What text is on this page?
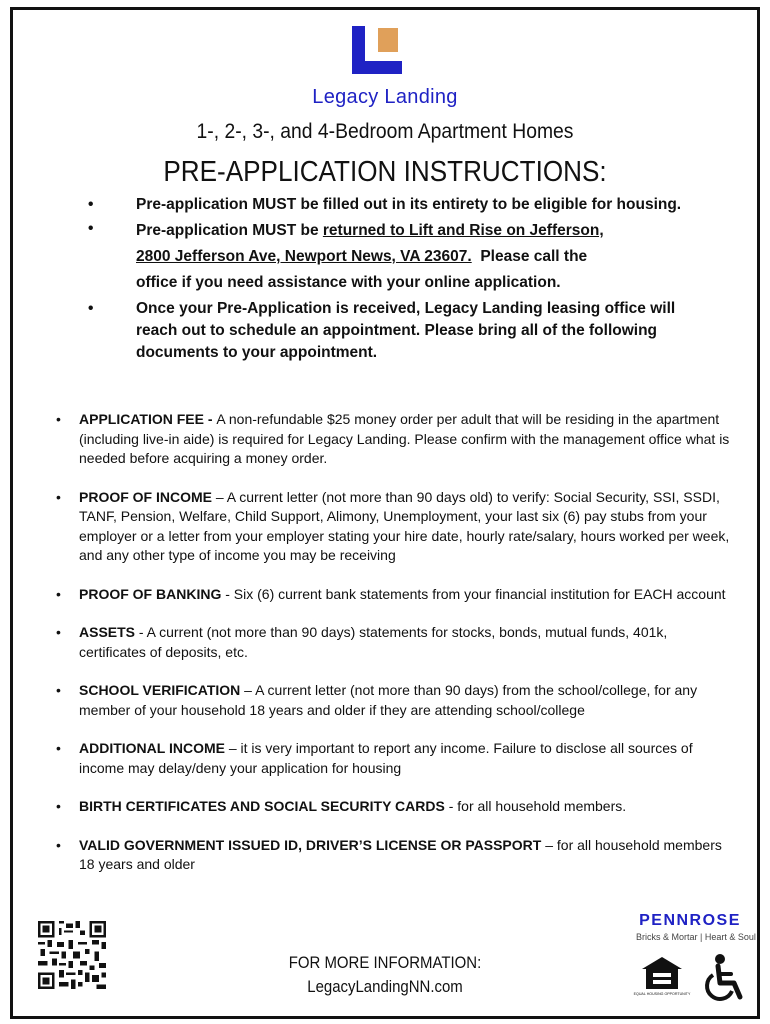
Legacy Landing
1-, 2-, 3-, and 4-Bedroom Apartment Homes
PRE-APPLICATION INSTRUCTIONS:
•	Pre-application MUST be filled out in its entirety to be eligible for housing.
•	Pre-application MUST be returned to Lift and Rise on Jefferson,
2800 Jefferson Ave, Newport News, VA 23607.  Please call the
office if you need assistance with your online application.
•	Once your Pre-Application is received, Legacy Landing leasing office will reach out to schedule an appointment. Please bring all of the following documents to your appointment.
• APPLICATION FEE - A non-refundable $25 money order per adult that will be residing in the apartment (including live-in aide) is required for Legacy Landing. Please confirm with the management office what is needed before acquiring a money order.
• PROOF OF INCOME – A current letter (not more than 90 days old) to verify: Social Security, SSI, SSDI, TANF, Pension, Welfare, Child Support, Alimony, Unemployment, your last six (6) pay stubs from your employer or a letter from your employer stating your hire date, hourly rate/salary, hours worked per week, and any other type of income you may be receiving
• PROOF OF BANKING - Six (6) current bank statements from your financial institution for EACH account
• ASSETS - A current (not more than 90 days) statements for stocks, bonds, mutual funds, 401k, certificates of deposits, etc.
• SCHOOL VERIFICATION – A current letter (not more than 90 days) from the school/college, for any member of your household 18 years and older if they are attending school/college
• ADDITIONAL INCOME – it is very important to report any income. Failure to disclose all sources of income may delay/deny your application for housing
• BIRTH CERTIFICATES AND SOCIAL SECURITY CARDS - for all household members.
• VALID GOVERNMENT ISSUED ID, DRIVER’S LICENSE OR PASSPORT – for all household members 18 years and older
FOR MORE INFORMATION:
LegacyLandingNN.com
PENNROSE
Bricks & Mortar | Heart & Soul
EQUAL HOUSING OPPORTUNITY
